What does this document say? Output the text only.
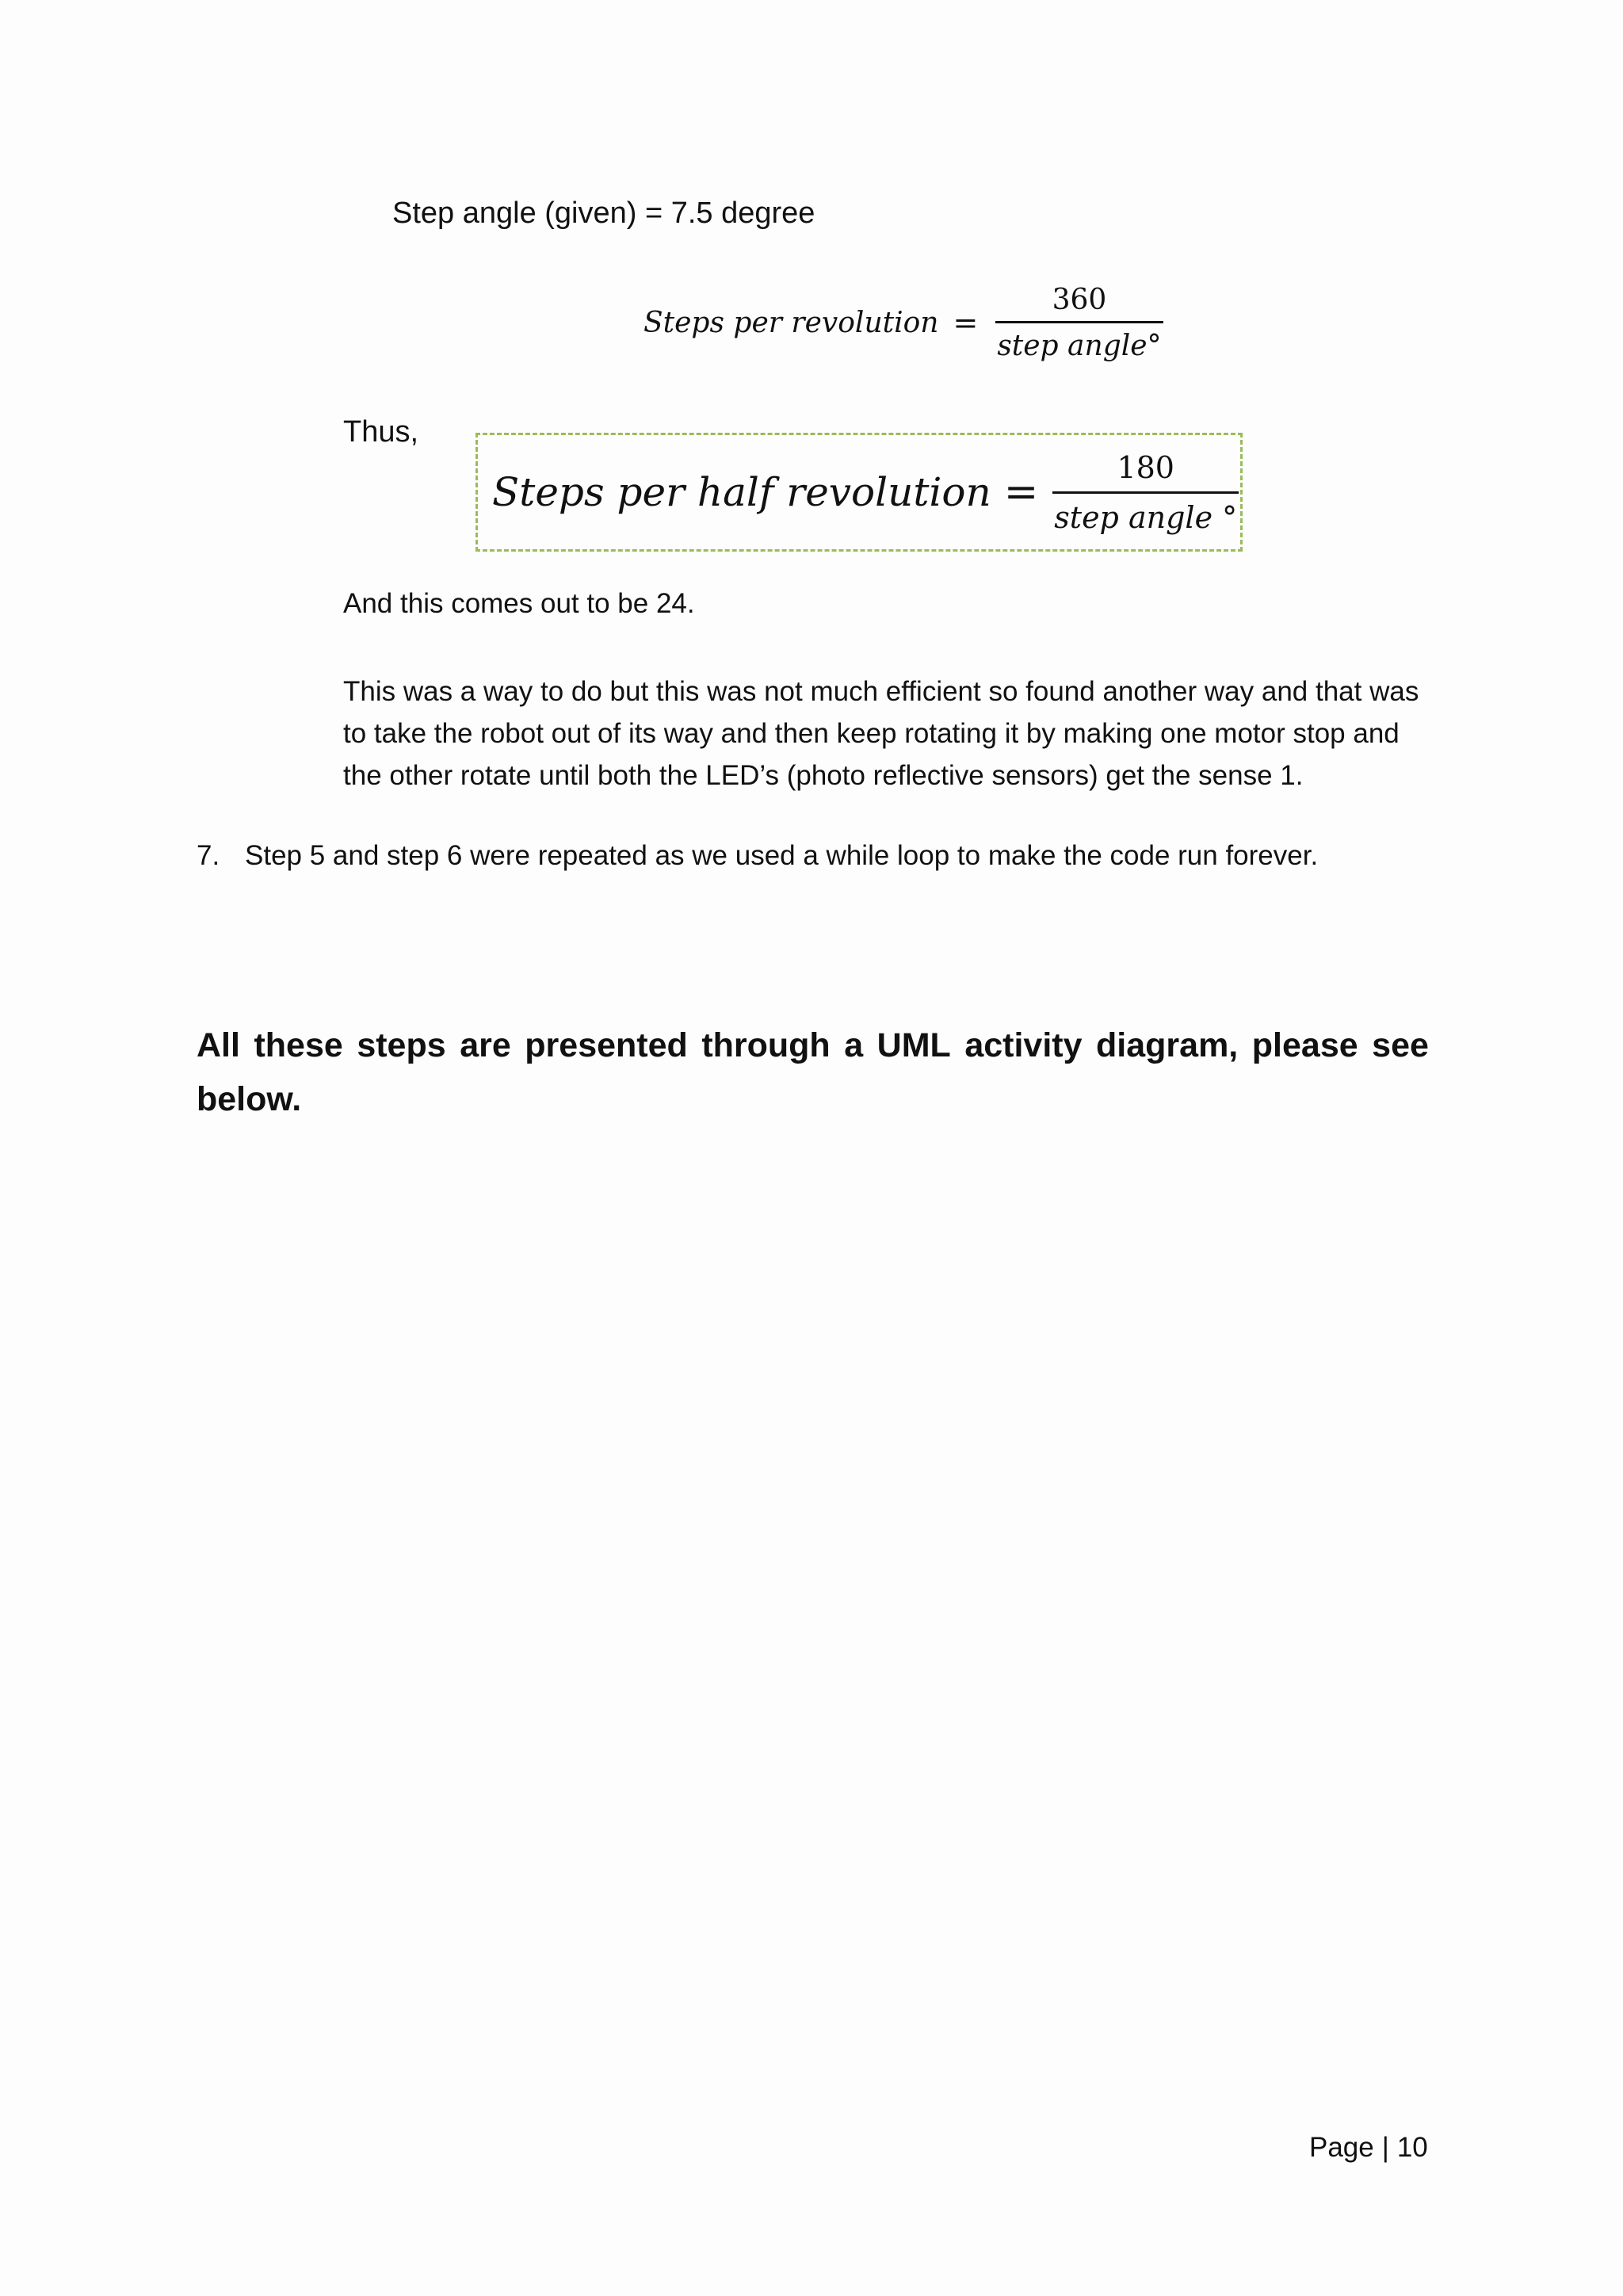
Step angle (given) = 7.5 degree
Steps per revolution = $\frac{360}{\text{step angle°}}$
Thus,
Steps per half revolution = $\frac{180}{\text{step angle °}}$
And this comes out to be 24.
This was a way to do but this was not much efficient so found another way and that was
to take the robot out of its way and then keep rotating it by making one motor stop and
the other rotate until both the LED’s (photo reflective sensors) get the sense 1.
7. Step 5 and step 6 were repeated as we used a while loop to make the code run forever.
All these steps are presented through a UML activity diagram, please see
below.
Page | 10
